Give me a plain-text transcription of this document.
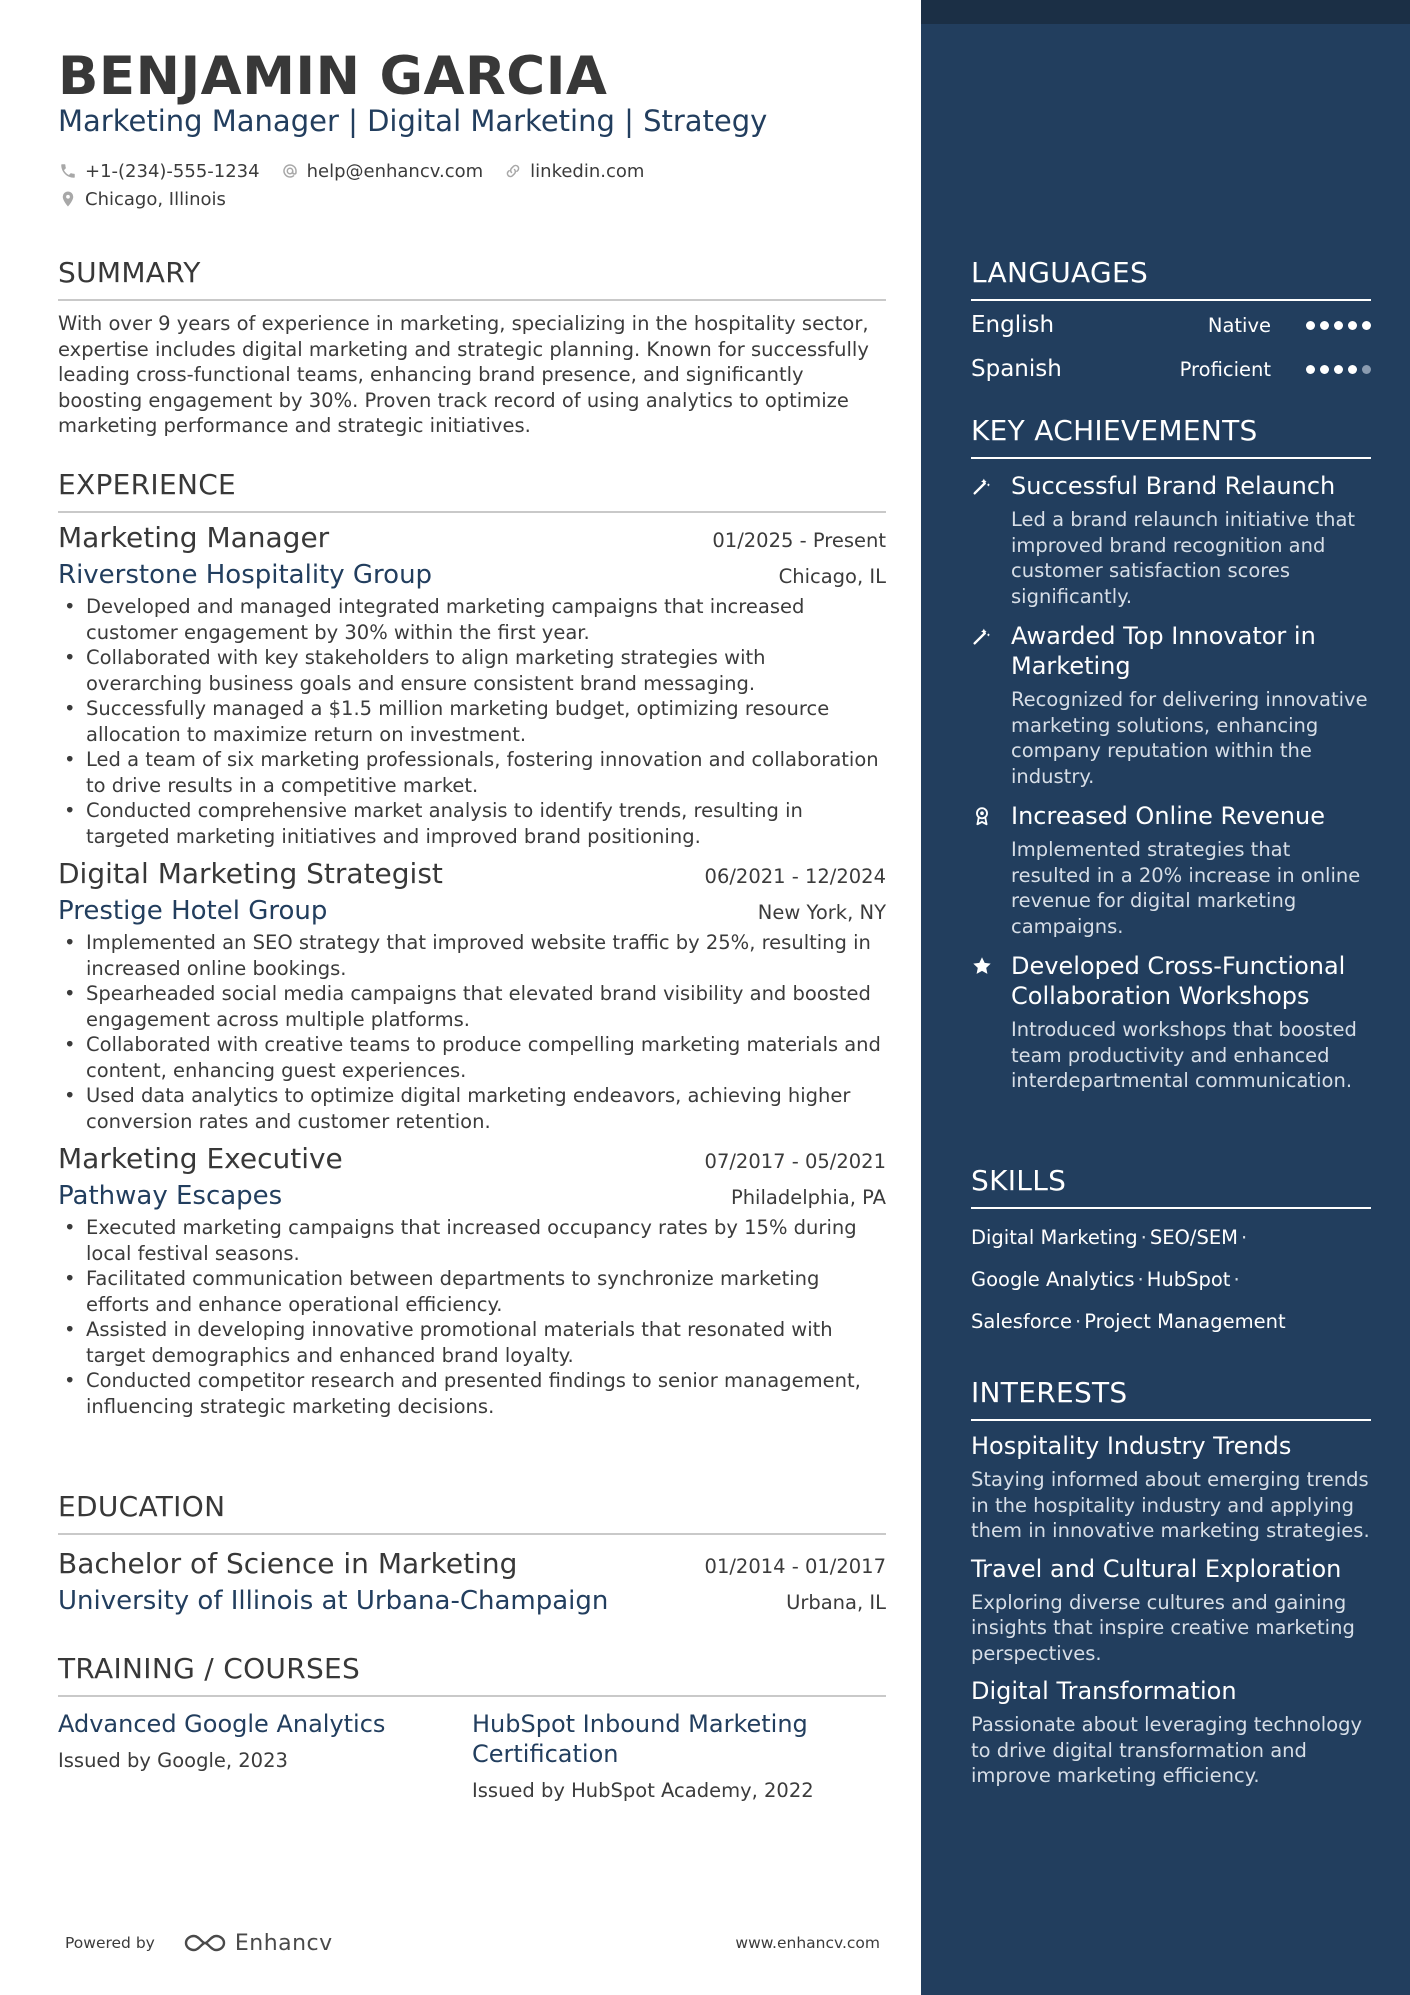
BENJAMIN GARCIA
Marketing Manager | Digital Marketing | Strategy
+1-(234)-555-1234	help@enhancv.com	linkedin.com
Chicago, Illinois
SUMMARY
With over 9 years of experience in marketing, specializing in the hospitality sector, expertise includes digital marketing and strategic planning. Known for successfully leading cross-functional teams, enhancing brand presence, and significantly boosting engagement by 30%. Proven track record of using analytics to optimize marketing performance and strategic initiatives.
EXPERIENCE
Marketing Manager	01/2025 - Present
Riverstone Hospitality Group	Chicago, IL
• Developed and managed integrated marketing campaigns that increased customer engagement by 30% within the first year.
• Collaborated with key stakeholders to align marketing strategies with overarching business goals and ensure consistent brand messaging.
• Successfully managed a $1.5 million marketing budget, optimizing resource allocation to maximize return on investment.
• Led a team of six marketing professionals, fostering innovation and collaboration to drive results in a competitive market.
• Conducted comprehensive market analysis to identify trends, resulting in targeted marketing initiatives and improved brand positioning.
Digital Marketing Strategist	06/2021 - 12/2024
Prestige Hotel Group	New York, NY
• Implemented an SEO strategy that improved website traffic by 25%, resulting in increased online bookings.
• Spearheaded social media campaigns that elevated brand visibility and boosted engagement across multiple platforms.
• Collaborated with creative teams to produce compelling marketing materials and content, enhancing guest experiences.
• Used data analytics to optimize digital marketing endeavors, achieving higher conversion rates and customer retention.
Marketing Executive	07/2017 - 05/2021
Pathway Escapes	Philadelphia, PA
• Executed marketing campaigns that increased occupancy rates by 15% during local festival seasons.
• Facilitated communication between departments to synchronize marketing efforts and enhance operational efficiency.
• Assisted in developing innovative promotional materials that resonated with target demographics and enhanced brand loyalty.
• Conducted competitor research and presented findings to senior management, influencing strategic marketing decisions.
EDUCATION
Bachelor of Science in Marketing	01/2014 - 01/2017
University of Illinois at Urbana-Champaign	Urbana, IL
TRAINING / COURSES
Advanced Google Analytics
Issued by Google, 2023
HubSpot Inbound Marketing Certification
Issued by HubSpot Academy, 2022
Powered by	Enhancv	www.enhancv.com
LANGUAGES
English	Native
Spanish	Proficient
KEY ACHIEVEMENTS
Successful Brand Relaunch
Led a brand relaunch initiative that improved brand recognition and customer satisfaction scores significantly.
Awarded Top Innovator in Marketing
Recognized for delivering innovative marketing solutions, enhancing company reputation within the industry.
Increased Online Revenue
Implemented strategies that resulted in a 20% increase in online revenue for digital marketing campaigns.
Developed Cross-Functional Collaboration Workshops
Introduced workshops that boosted team productivity and enhanced interdepartmental communication.
SKILLS
Digital Marketing · SEO/SEM ·
Google Analytics · HubSpot ·
Salesforce · Project Management
INTERESTS
Hospitality Industry Trends
Staying informed about emerging trends in the hospitality industry and applying them in innovative marketing strategies.
Travel and Cultural Exploration
Exploring diverse cultures and gaining insights that inspire creative marketing perspectives.
Digital Transformation
Passionate about leveraging technology to drive digital transformation and improve marketing efficiency.
